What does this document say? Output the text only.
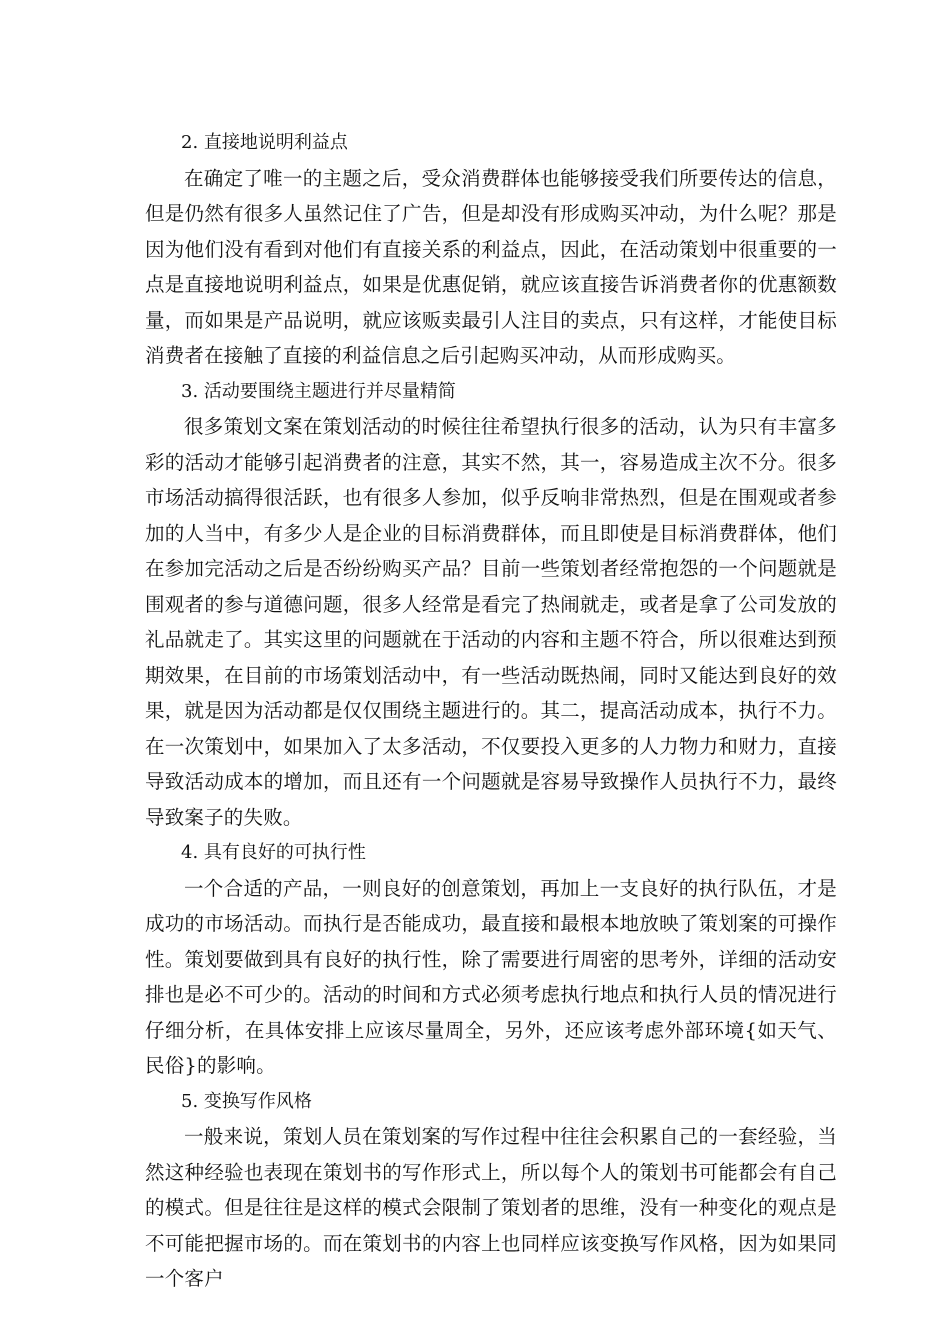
2. 直接地说明利益点

在确定了唯一的主题之后，受众消费群体也能够接受我们所要传达的信息，但是仍然有很多人虽然记住了广告，但是却没有形成购买冲动，为什么呢？那是因为他们没有看到对他们有直接关系的利益点，因此，在活动策划中很重要的一点是直接地说明利益点，如果是优惠促销，就应该直接告诉消费者你的优惠额数量，而如果是产品说明，就应该贩卖最引人注目的卖点，只有这样，才能使目标消费者在接触了直接的利益信息之后引起购买冲动，从而形成购买。

3. 活动要围绕主题进行并尽量精简

很多策划文案在策划活动的时候往往希望执行很多的活动，认为只有丰富多彩的活动才能够引起消费者的注意，其实不然，其一，容易造成主次不分。很多市场活动搞得很活跃，也有很多人参加，似乎反响非常热烈，但是在围观或者参加的人当中，有多少人是企业的目标消费群体，而且即使是目标消费群体，他们在参加完活动之后是否纷纷购买产品？目前一些策划者经常抱怨的一个问题就是围观者的参与道德问题，很多人经常是看完了热闹就走，或者是拿了公司发放的礼品就走了。其实这里的问题就在于活动的内容和主题不符合，所以很难达到预期效果，在目前的市场策划活动中，有一些活动既热闹，同时又能达到良好的效果，就是因为活动都是仅仅围绕主题进行的。其二，提高活动成本，执行不力。在一次策划中，如果加入了太多活动，不仅要投入更多的人力物力和财力，直接导致活动成本的增加，而且还有一个问题就是容易导致操作人员执行不力，最终导致案子的失败。

4. 具有良好的可执行性

一个合适的产品，一则良好的创意策划，再加上一支良好的执行队伍，才是成功的市场活动。而执行是否能成功，最直接和最根本地放映了策划案的可操作性。策划要做到具有良好的执行性，除了需要进行周密的思考外，详细的活动安排也是必不可少的。活动的时间和方式必须考虑执行地点和执行人员的情况进行仔细分析，在具体安排上应该尽量周全，另外，还应该考虑外部环境{如天气、民俗}的影响。

5. 变换写作风格

一般来说，策划人员在策划案的写作过程中往往会积累自己的一套经验，当然这种经验也表现在策划书的写作形式上，所以每个人的策划书可能都会有自己的模式。但是往往是这样的模式会限制了策划者的思维，没有一种变化的观点是不可能把握市场的。而在策划书的内容上也同样应该变换写作风格，因为如果同一个客户
